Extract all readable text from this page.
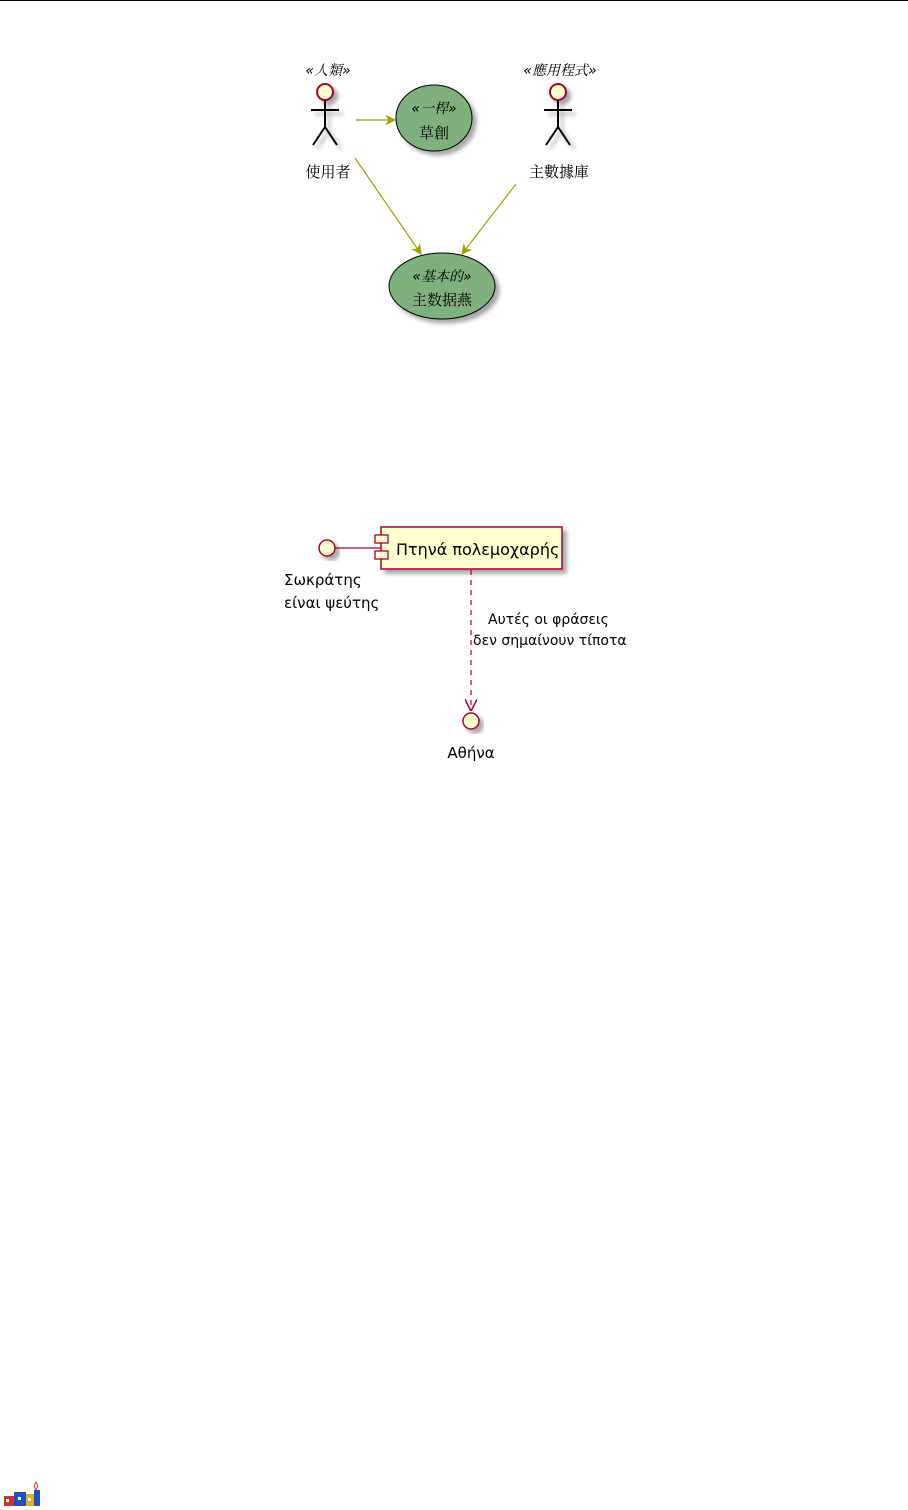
«人類»
使用者
«應用程式»
主數據庫
«一桿»
草創
«基本的»
主数据燕
Σωκράτης
είναι ψεύτης
Πτηνά πολεμοχαρής
Αυτές οι φράσεις
δεν σημαίνουν τίποτα
Αθήνα
